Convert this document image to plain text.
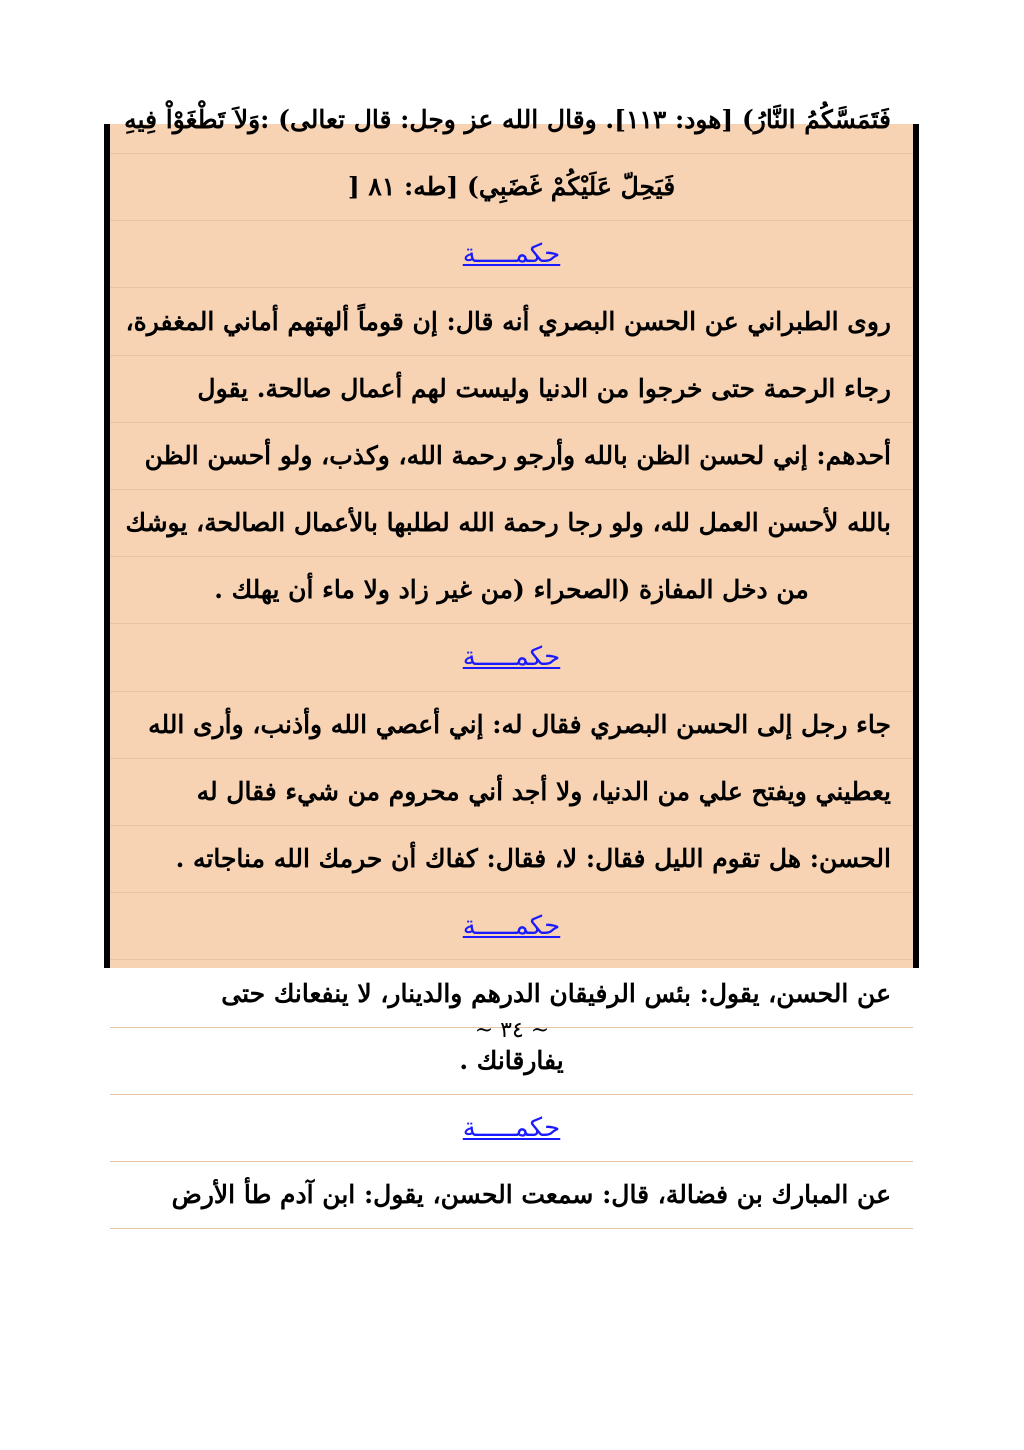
فَتَمَسَّكُمُ النَّارُ) [هود: ١١٣]. وقال الله عز وجل: قال تعالى) :وَلاَ تَطْغَوْاْ فِيهِ
فَيَحِلّ عَلَيْكُمْ غَضَبِي) [طه: ٨١ [
حكمـــــة
روى الطبراني عن الحسن البصري أنه قال: إن قوماً ألهتهم أماني المغفرة،
رجاء الرحمة حتى خرجوا من الدنيا وليست لهم أعمال صالحة. يقول
أحدهم: إني لحسن الظن بالله وأرجو رحمة الله، وكذب، ولو أحسن الظن
بالله لأحسن العمل لله، ولو رجا رحمة الله لطلبها بالأعمال الصالحة، يوشك
من دخل المفازة (الصحراء (من غير زاد ولا ماء أن يهلك .
حكمـــــة
جاء رجل إلى الحسن البصري فقال له: إني أعصي الله وأذنب، وأرى الله
يعطيني ويفتح علي من الدنيا، ولا أجد أني محروم من شيء فقال له
الحسن: هل تقوم الليل فقال: لا، فقال: كفاك أن حرمك الله مناجاته .
حكمـــــة
عن الحسن، يقول: بئس الرفيقان الدرهم والدينار، لا ينفعانك حتى
يفارقانك .
حكمـــــة
عن المبارك بن فضالة، قال: سمعت الحسن، يقول: ابن آدم طأ الأرض
~ ٣٤ ~
